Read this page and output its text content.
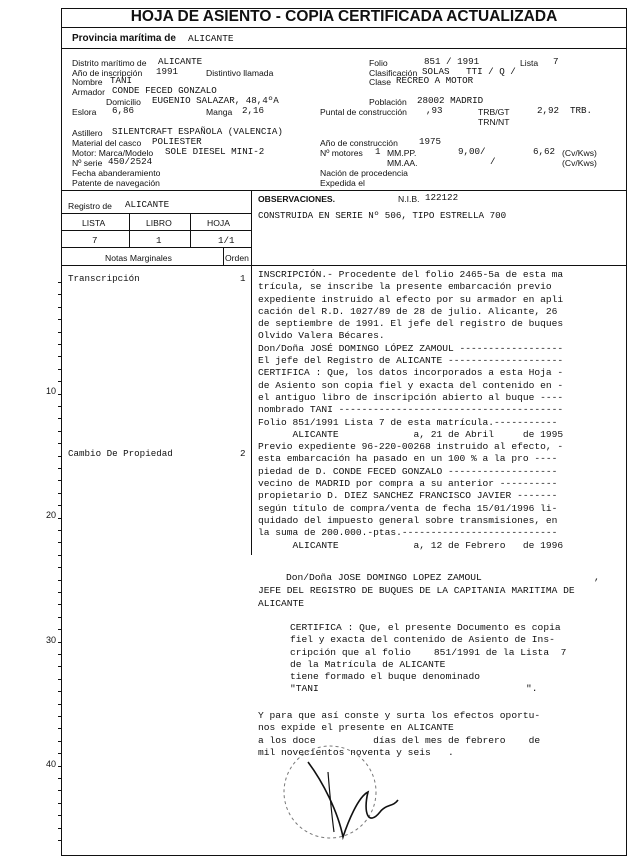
HOJA DE ASIENTO - COPIA CERTIFICADA ACTUALIZADA
Provincia marítima de ALICANTE
Distrito marítimo de ALICANTE	Folio	851 / 1991	Lista 7
Año de inscripción 1991	Distintivo llamada	Clasificación SOLAS   TTI / Q /
Nombre TANI	Clase RECREO A MOTOR
Armador CONDE FECED GONZALO
Domicilio EUGENIO SALAZAR, 48,4ºA	Población 28002 MADRID
Eslora 6,86	Manga 2,16	Puntal de construcción ,93	TRB/GT	2,92 TRB.
TRN/NT
Astillero SILENTCRAFT ESPAÑOLA (VALENCIA)
Material del casco POLIESTER	Año de construcción 1975
Motor: Marca/Modelo SOLE DIESEL MINI-2	Nº motores 1 MM.PP.	9,00/	6,62 (Cv/Kws)
Nº serie 450/2524	MM.AA.	/	(Cv/Kws)
Fecha abanderamiento	Nación de procedencia
Patente de navegación	Expedida el
Registro de ALICANTE
LISTA	LIBRO	HOJA
7	1	1/1
OBSERVACIONES.	N.I.B. 122122
CONSTRUIDA EN SERIE Nº 506, TIPO ESTRELLA 700
Notas Marginales	Orden
Transcripción	1
Cambio De Propiedad	2
10
20
30
40
INSCRIPCIÓN.- Procedente del folio 2465-5a de esta ma
trícula, se inscribe la presente embarcación previo
expediente instruido al efecto por su armador en apli
cación del R.D. 1027/89 de 28 de julio. Alicante, 26
de septiembre de 1991. El jefe del registro de buques
Olvido Valera Bécares.
Don/Doña JOSÉ DOMINGO LÓPEZ ZAMOUL ------------------
El jefe del Registro de ALICANTE --------------------
CERTIFICA : Que, los datos incorporados a esta Hoja -
de Asiento son copia fiel y exacta del contenido en -
el antiguo libro de inscripción abierto al buque ----
nombrado TANI ---------------------------------------
Folio 851/1991 Lista 7 de esta matrícula.-----------
ALICANTE             a, 21 de Abril     de 1995
Previo expediente 96-220-00268 instruido al efecto, -
esta embarcación ha pasado en un 100 % a la pro ----
piedad de D. CONDE FECED GONZALO -------------------
vecino de MADRID por compra a su anterior ----------
propietario D. DIEZ SANCHEZ FRANCISCO JAVIER -------
según título de compra/venta de fecha 15/01/1996 li-
quidado del impuesto general sobre transmisiones, en
la suma de 200.000.-ptas.---------------------------
ALICANTE             a, 12 de Febrero   de 1996
Don/Doña JOSE DOMINGO LOPEZ ZAMOUL	,
JEFE DEL REGISTRO DE BUQUES DE LA CAPITANIA MARITIMA DE
ALICANTE
CERTIFICA : Que, el presente Documento es copia
fiel y exacta del contenido de Asiento de Ins-
cripción que al folio    851/1991 de la Lista  7
de la Matrícula de ALICANTE
tiene formado el buque denominado
"TANI                                    ".
Y para que así conste y surta los efectos oportu-
nos expide el presente en ALICANTE
a los doce          días del mes de febrero    de
mil novecientos noventa y seis   .
